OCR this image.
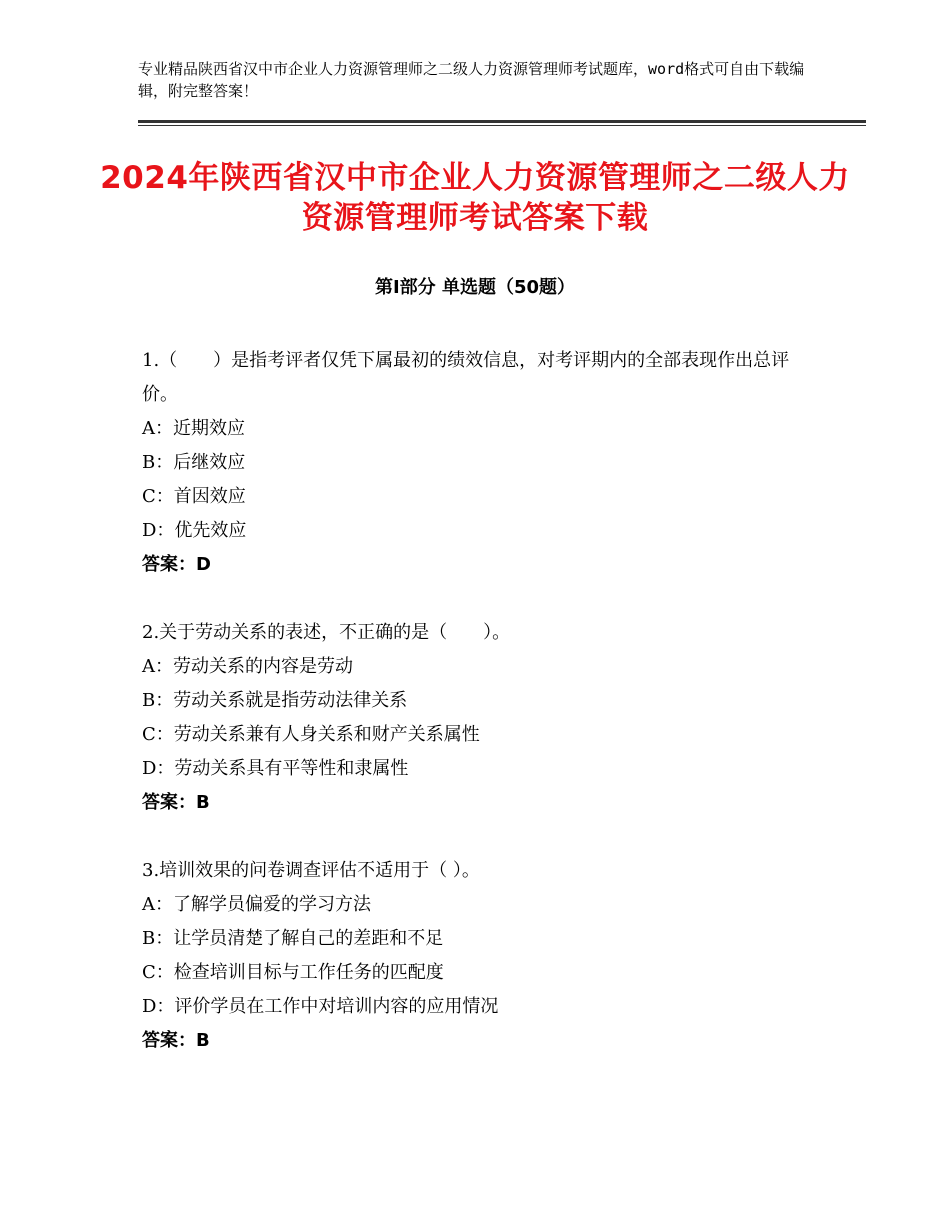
专业精品陕西省汉中市企业人力资源管理师之二级人力资源管理师考试题库，word格式可自由下载编辑，附完整答案！
2024年陕西省汉中市企业人力资源管理师之二级人力资源管理师考试答案下载
第Ⅰ部分 单选题（50题）

1.（　　）是指考评者仅凭下属最初的绩效信息，对考评期内的全部表现作出总评价。

A：近期效应

B：后继效应

C：首因效应

D：优先效应

答案：D

2.关于劳动关系的表述，不正确的是（　　）。

A：劳动关系的内容是劳动

B：劳动关系就是指劳动法律关系

C：劳动关系兼有人身关系和财产关系属性

D：劳动关系具有平等性和隶属性

答案：B

3.培训效果的问卷调查评估不适用于（ ）。

A：了解学员偏爱的学习方法

B：让学员清楚了解自己的差距和不足

C：检查培训目标与工作任务的匹配度

D：评价学员在工作中对培训内容的应用情况

答案：B
